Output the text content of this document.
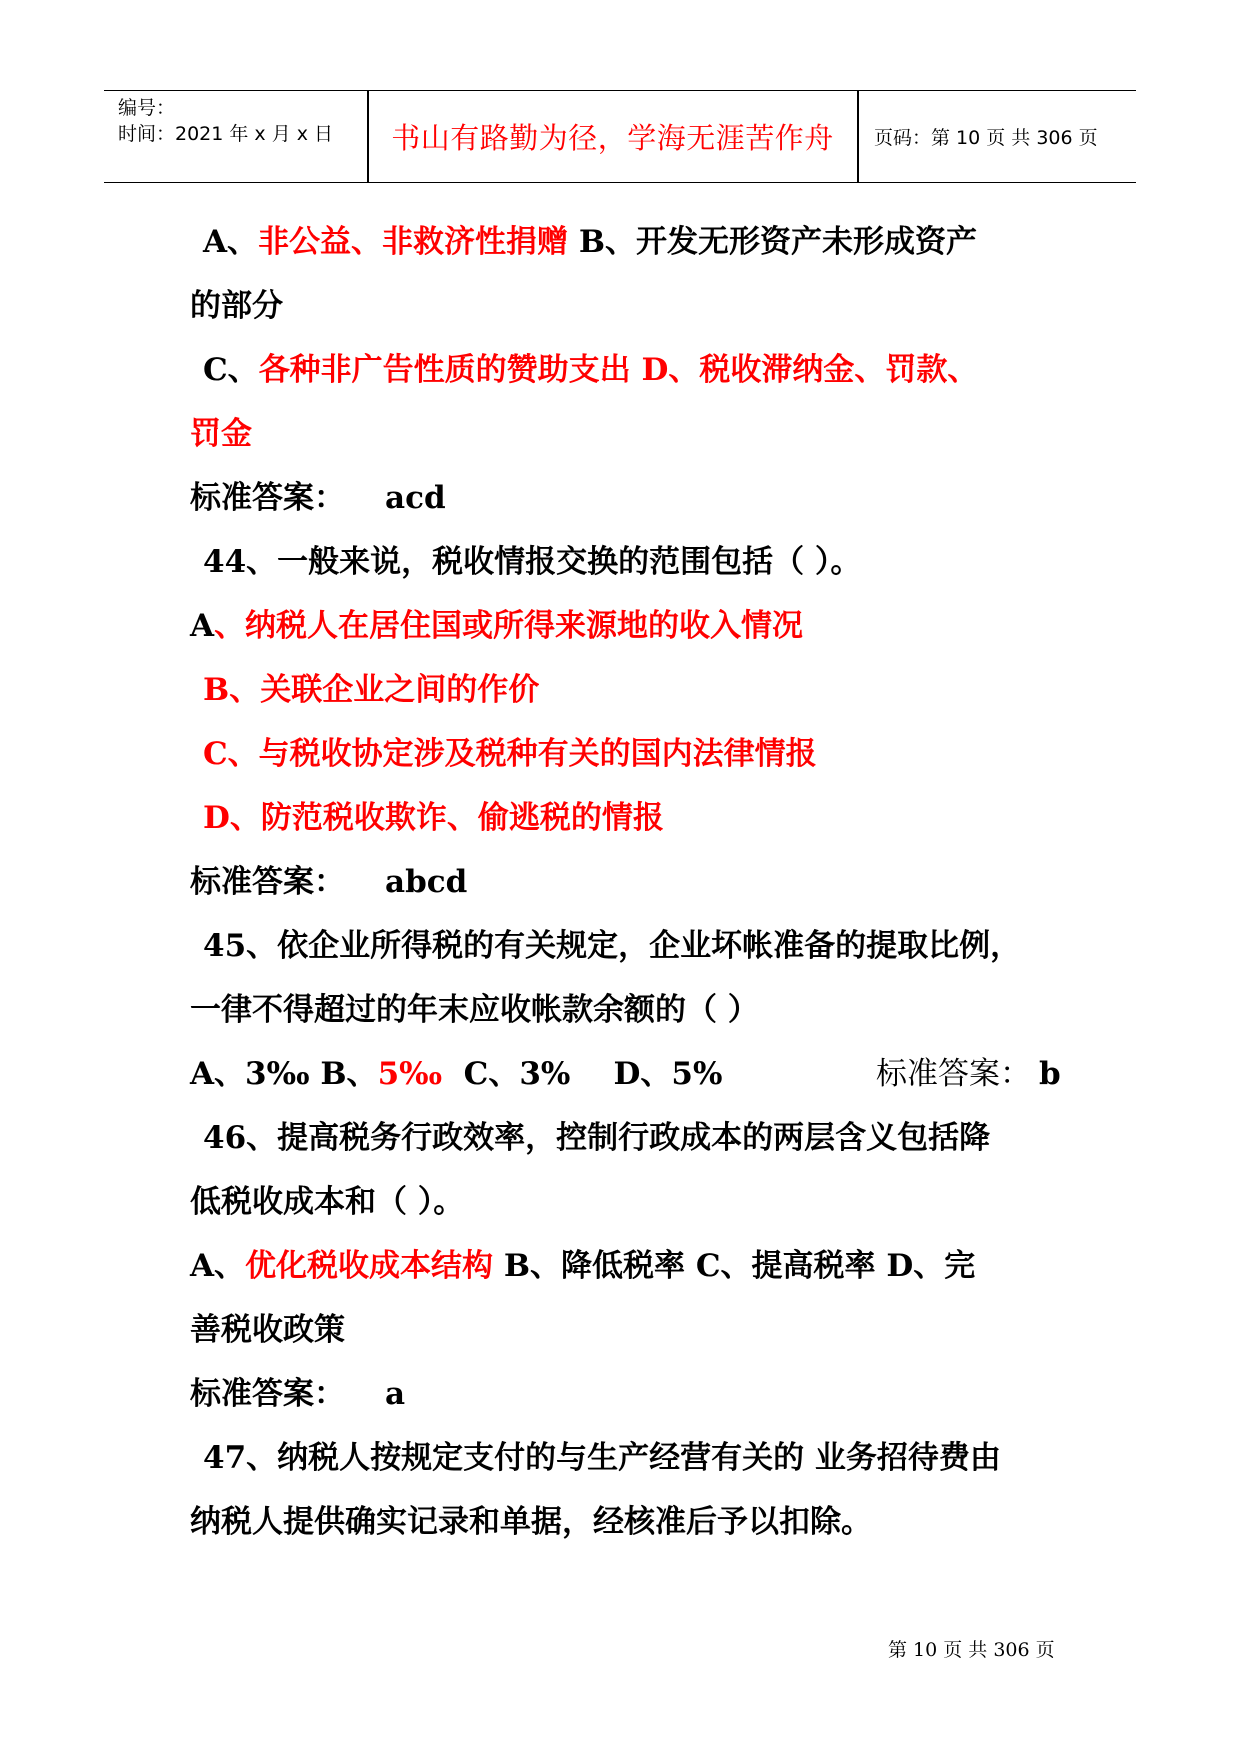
编号：
时间：2021 年 x 月 x 日	书山有路勤为径，学海无涯苦作舟	页码：第 10 页 共 306 页
A、非公益、非救济性捐赠 B、开发无形资产未形成资产
的部分
C、各种非广告性质的赞助支出 D、税收滞纳金、罚款、
罚金
标准答案： acd
44、一般来说，税收情报交换的范围包括（ ）。
A、纳税人在居住国或所得来源地的收入情况
B、关联企业之间的作价
C、与税收协定涉及税种有关的国内法律情报
D、防范税收欺诈、偷逃税的情报
标准答案： abcd
45、依企业所得税的有关规定，企业坏帐准备的提取比例，
一律不得超过的年末应收帐款余额的（ ）
A、3‰ B、5‰ C、3% D、5%	标准答案： b
46、提高税务行政效率，控制行政成本的两层含义包括降
低税收成本和（ ）。
A、优化税收成本结构 B、降低税率 C、提高税率 D、完
善税收政策
标准答案： a
47、纳税人按规定支付的与生产经营有关的 业务招待费由
纳税人提供确实记录和单据，经核准后予以扣除。
第 10 页 共 306 页
